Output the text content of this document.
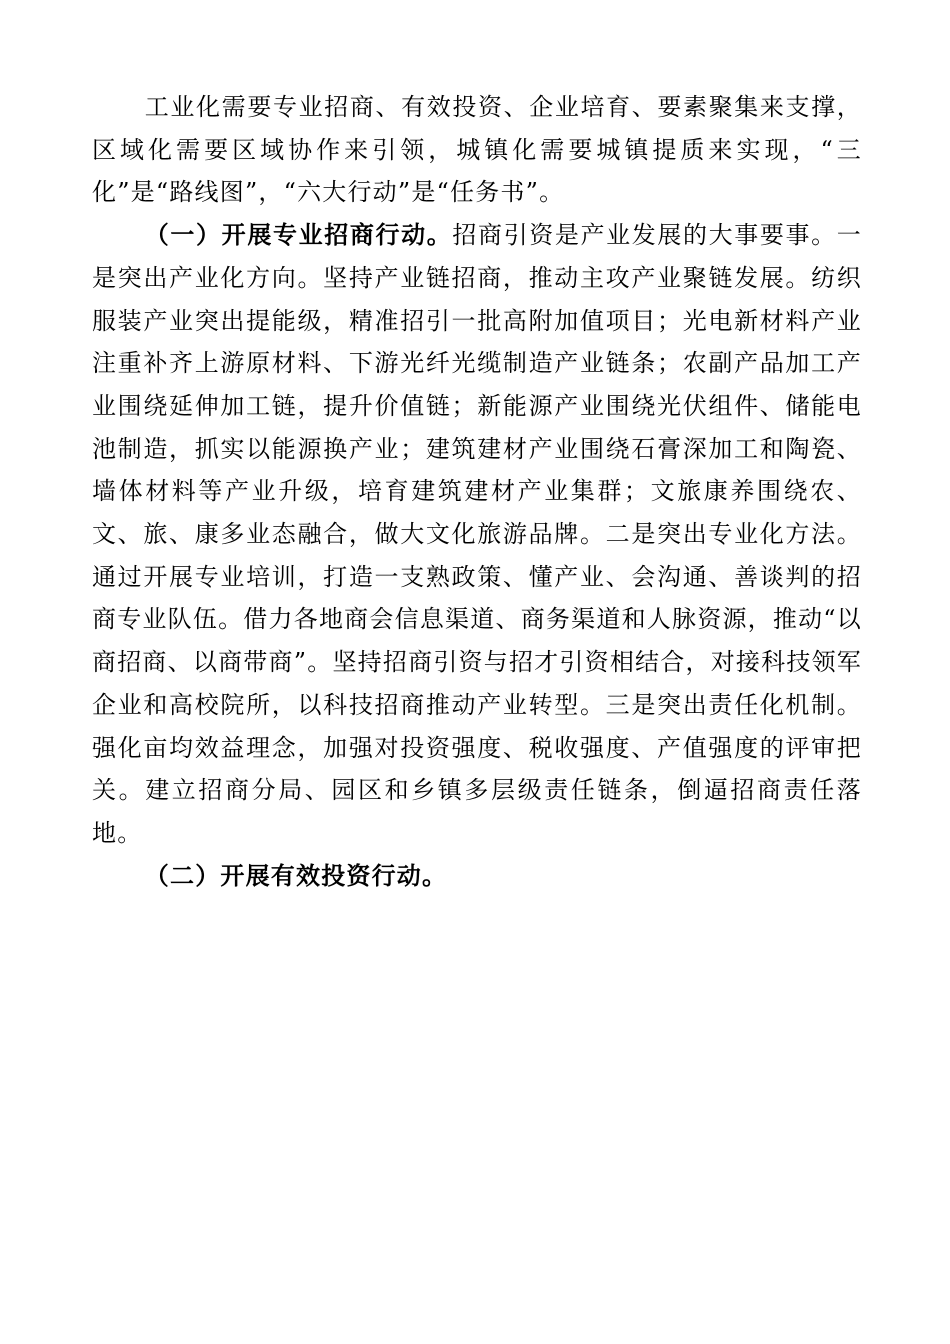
工业化需要专业招商、有效投资、企业培育、要素聚集来支撑，区域化需要区域协作来引领，城镇化需要城镇提质来实现，“三化”是“路线图”，“六大行动”是“任务书”。

（一）开展专业招商行动。招商引资是产业发展的大事要事。一是突出产业化方向。坚持产业链招商，推动主攻产业聚链发展。纺织服装产业突出提能级，精准招引一批高附加值项目；光电新材料产业注重补齐上游原材料、下游光纤光缆制造产业链条；农副产品加工产业围绕延伸加工链，提升价值链；新能源产业围绕光伏组件、储能电池制造，抓实以能源换产业；建筑建材产业围绕石膏深加工和陶瓷、墙体材料等产业升级，培育建筑建材产业集群；文旅康养围绕农、文、旅、康多业态融合，做大文化旅游品牌。二是突出专业化方法。通过开展专业培训，打造一支熟政策、懂产业、会沟通、善谈判的招商专业队伍。借力各地商会信息渠道、商务渠道和人脉资源，推动“以商招商、以商带商”。坚持招商引资与招才引资相结合，对接科技领军企业和高校院所，以科技招商推动产业转型。三是突出责任化机制。强化亩均效益理念，加强对投资强度、税收强度、产值强度的评审把关。建立招商分局、园区和乡镇多层级责任链条，倒逼招商责任落地。

（二）开展有效投资行动。
